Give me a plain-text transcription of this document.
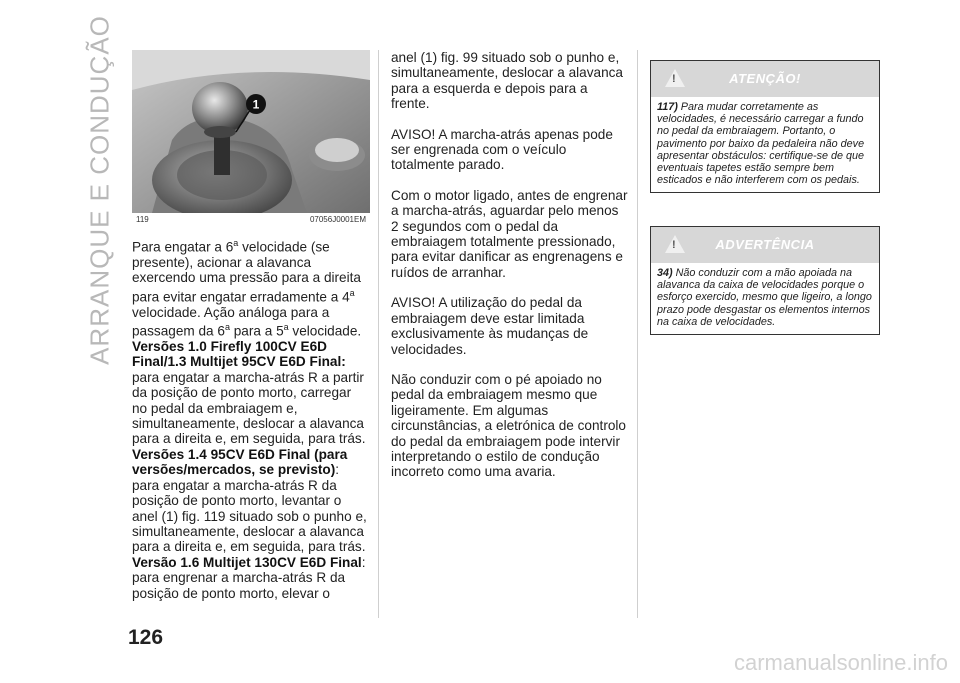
ARRANQUE E CONDUÇÃO	1
119	07056J0001EM

Para engatar a 6$^a$ velocidade (se presente), acionar a alavanca exercendo uma pressão para a direita para evitar engatar erradamente a 4$^a$ velocidade. Ação análoga para a passagem da 6$^a$ para a 5$^a$ velocidade.

Versões 1.0 Firefly 100CV E6D Final/1.3 Multijet 95CV E6D Final: para engatar a marcha-atrás R a partir da posição de ponto morto, carregar no pedal da embraiagem e, simultaneamente, deslocar a alavanca para a direita e, em seguida, para trás.

Versões 1.4 95CV E6D Final (para versões/mercados, se previsto): para engatar a marcha-atrás R da posição de ponto morto, levantar o anel (1) fig. 119 situado sob o punho e, simultaneamente, deslocar a alavanca para a direita e, em seguida, para trás.

Versão 1.6 Multijet 130CV E6D Final: para engrenar a marcha-atrás R da posição de ponto morto, elevar o

anel (1) fig. 99 situado sob o punho e, simultaneamente, deslocar a alavanca para a esquerda e depois para a frente.

AVISO! A marcha-atrás apenas pode ser engrenada com o veículo totalmente parado.

Com o motor ligado, antes de engrenar a marcha-atrás, aguardar pelo menos 2 segundos com o pedal da embraiagem totalmente pressionado, para evitar danificar as engrenagens e ruídos de arranhar.

AVISO! A utilização do pedal da embraiagem deve estar limitada exclusivamente às mudanças de velocidades.

Não conduzir com o pé apoiado no pedal da embraiagem mesmo que ligeiramente. Em algumas circunstâncias, a eletrónica de controlo do pedal da embraiagem pode intervir interpretando o estilo de condução incorreto como uma avaria.

!
ATENÇÃO!
117) Para mudar corretamente as velocidades, é necessário carregar a fundo no pedal da embraiagem. Portanto, o pavimento por baixo da pedaleira não deve apresentar obstáculos: certifique-se de que eventuais tapetes estão sempre bem esticados e não interferem com os pedais.
!
ADVERTÊNCIA
34) Não conduzir com a mão apoiada na alavanca da caixa de velocidades porque o esforço exercido, mesmo que ligeiro, a longo prazo pode desgastar os elementos internos na caixa de velocidades.
126
carmanualsonline.info
